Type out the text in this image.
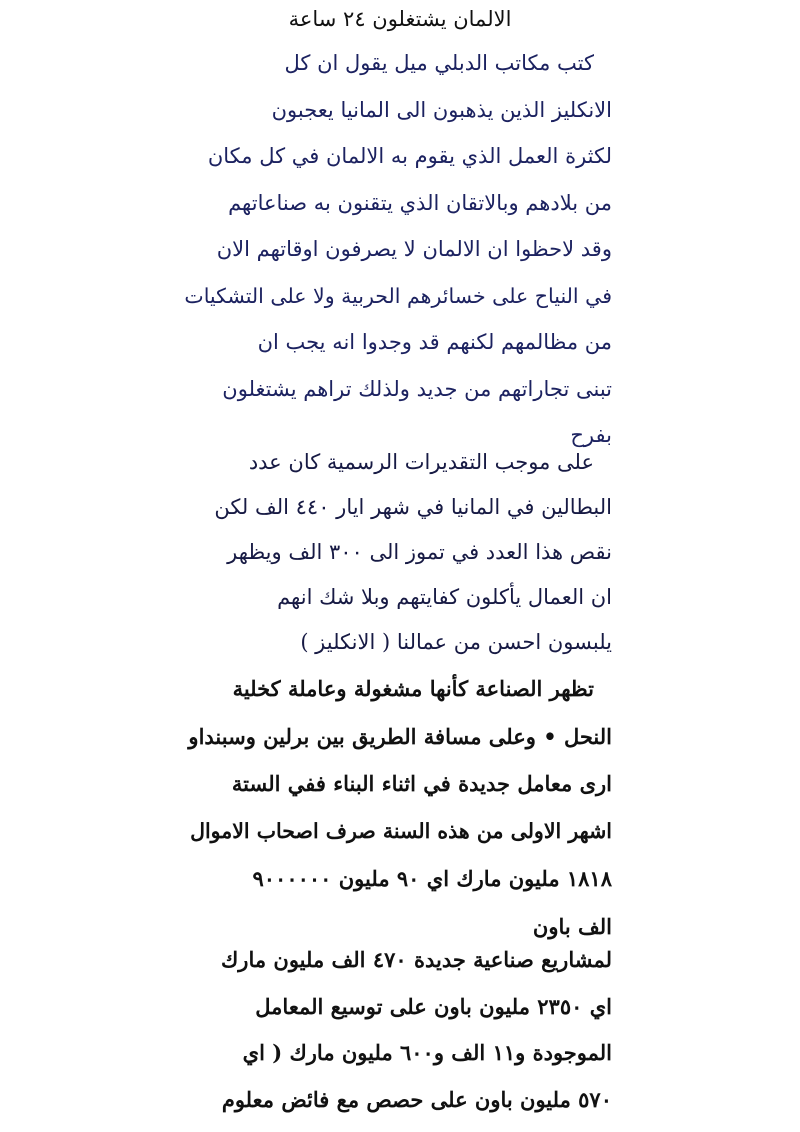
الالمان يشتغلون ٢٤ ساعة
كتب مكاتب الدبلي ميل يقول ان كل
الانكليز الذين يذهبون الى المانيا يعجبون
لكثرة العمل الذي يقوم به الالمان في كل مكان
من بلادهم وبالاتقان الذي يتقنون به صناعاتهم
وقد لاحظوا ان الالمان لا يصرفون اوقاتهم الان
في النياح على خسائرهم الحربية ولا على التشكيات
من مظالمهم لكنهم قد وجدوا انه يجب ان
تبنى تجاراتهم من جديد ولذلك تراهم يشتغلون
بفرح
على موجب التقديرات الرسمية كان عدد
البطالين في المانيا في شهر ايار ٤٤٠ الف لكن
نقص هذا العدد في تموز الى ٣٠٠ الف ويظهر
ان العمال يأكلون كفايتهم وبلا شك انهم
يلبسون احسن من عمالنا ( الانكليز )
تظهر الصناعة كأنها مشغولة وعاملة كخلية
النحل • وعلى مسافة الطريق بين برلين وسبنداو
ارى معامل جديدة في اثناء البناء ففي الستة
اشهر الاولى من هذه السنة صرف اصحاب الاموال
١٨١٨ مليون مارك اي ٩٠ مليون ٩٠٠٠٠٠٠
الف باون
لمشاريع صناعية جديدة ٤٧٠ الف مليون مارك
اي ٢٣٥٠ مليون باون على توسيع المعامل
الموجودة و١١ الف و٦٠٠ مليون مارك ( اي
٥٧٠ مليون باون على حصص مع فائض معلوم
